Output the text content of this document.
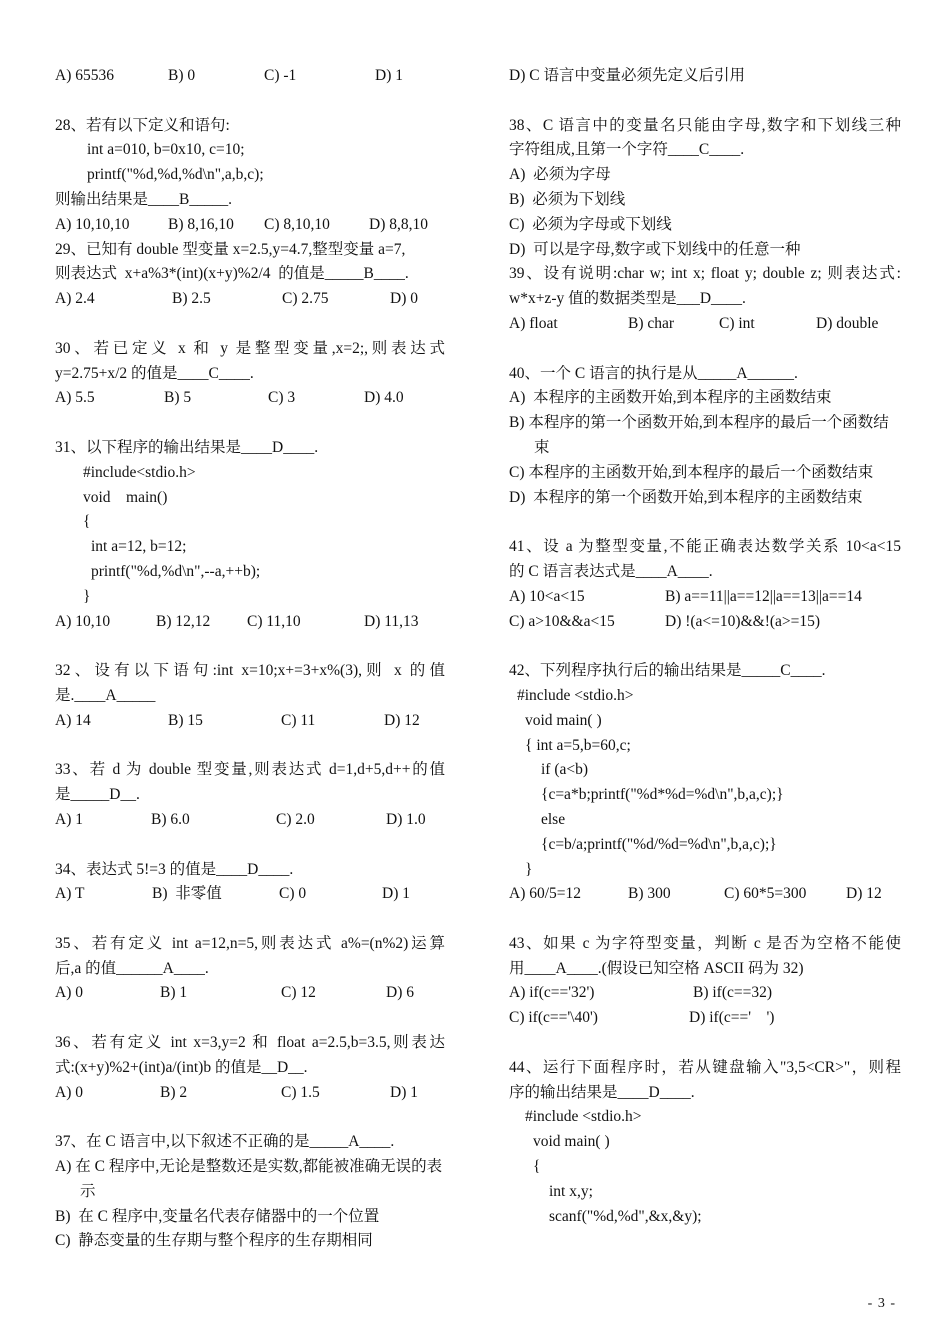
A) 65536	B) 0	C) -1	D) 1
28、若有以下定义和语句:
int a=010, b=0x10, c=10;
printf("%d,%d,%d\n",a,b,c);
则输出结果是____B_____.
A) 10,10,10 B) 8,16,10 C) 8,10,10	D) 8,8,10
29、已知有 double 型变量 x=2.5,y=4.7,整型变量 a=7,
则表达式  x+a%3*(int)(x+y)%2/4  的值是_____B____.
A) 2.4	B) 2.5	C) 2.75	D) 0
30、若已定义 x 和 y 是整型变量,x=2;,则表达式
y=2.75+x/2 的值是____C____.
A) 5.5	B) 5	C) 3	D) 4.0
31、以下程序的输出结果是____D____.
#include<stdio.h>
void    main()
{
int a=12, b=12;
printf("%d,%d\n",--a,++b);
}
A) 10,10	B) 12,12 C) 11,10	D) 11,13
32、设有以下语句:int x=10;x+=3+x%(3),则 x 的值
是.____A_____
A) 14	B) 15	C) 11	D) 12
33、若 d 为 double 型变量,则表达式 d=1,d+5,d++的值
是_____D__.
A) 1	B) 6.0	C) 2.0	D) 1.0
34、表达式 5!=3 的值是____D____.
A) T	B)  非零值	C) 0	D) 1
35、若有定义 int a=12,n=5,则表达式 a%=(n%2)运算
后,a 的值______A____.
A) 0	B) 1	C) 12	D) 6
36、若有定义 int x=3,y=2 和 float a=2.5,b=3.5,则表达
式:(x+y)%2+(int)a/(int)b 的值是__D__.
A) 0	B) 2	C) 1.5	D) 1
37、在 C 语言中,以下叙述不正确的是_____A____.
A) 在 C 程序中,无论是整数还是实数,都能被准确无误的表示
B)  在 C 程序中,变量名代表存储器中的一个位置
C)  静态变量的生存期与整个程序的生存期相同
D) C 语言中变量必须先定义后引用
38、C 语言中的变量名只能由字母,数字和下划线三种
字符组成,且第一个字符____C____.
A)  必须为字母
B)  必须为下划线
C)  必须为字母或下划线
D)  可以是字母,数字或下划线中的任意一种
39、设有说明:char w; int x; float y; double z; 则表达式:
w*x+z-y 值的数据类型是___D____.
A) float	B) char	C) int	D) double
40、一个 C 语言的执行是从_____A______.
A)  本程序的主函数开始,到本程序的主函数结束
B) 本程序的第一个函数开始,到本程序的最后一个函数结束
C) 本程序的主函数开始,到本程序的最后一个函数结束
D)  本程序的第一个函数开始,到本程序的主函数结束
41、设 a 为整型变量,不能正确表达数学关系 10<a<15
的 C 语言表达式是____A____.
A) 10<a<15	B) a==11||a==12||a==13||a==14
C) a>10&&a<15	D) !(a<=10)&&!(a>=15)
42、下列程序执行后的输出结果是_____C____.
#include <stdio.h>
void main( )
{ int a=5,b=60,c;
if (a<b)
{c=a*b;printf("%d*%d=%d\n",b,a,c);}
else
{c=b/a;printf("%d/%d=%d\n",b,a,c);}
}
A) 60/5=12	B) 300	C) 60*5=300	D) 12
43、如果 c 为字符型变量，判断 c 是否为空格不能使
用____A____.(假设已知空格 ASCII 码为 32)
A) if(c=='32')	B) if(c==32)
C) if(c=='\40')	D) if(c=='    ')
44、运行下面程序时，若从键盘输入"3,5<CR>"，则程
序的输出结果是____D____.
#include <stdio.h>
void main( )
{
int x,y;
scanf("%d,%d",&x,&y);
- 3 -
